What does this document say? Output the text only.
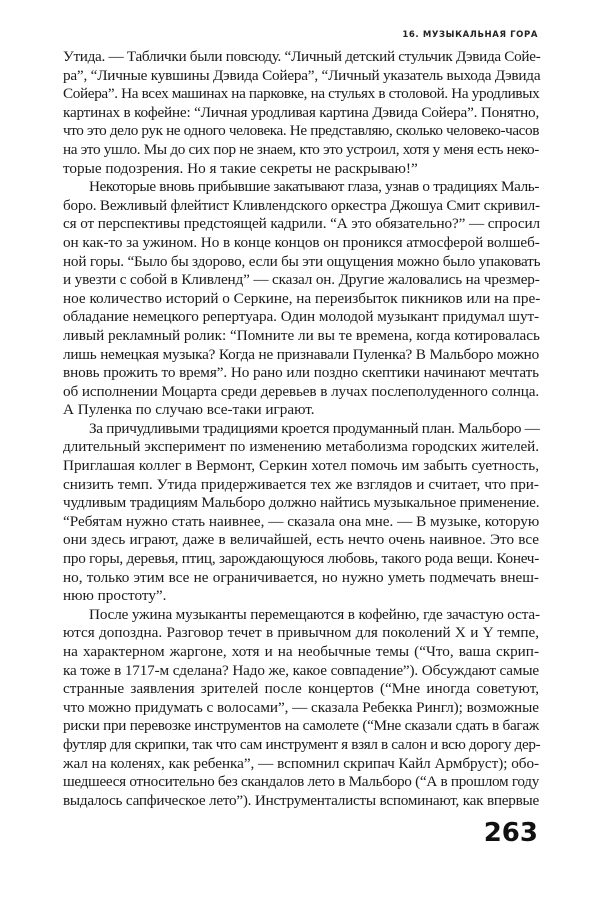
16. МУЗЫКАЛЬНАЯ ГОРА
Утида. — Таблички были повсюду. “Личный детский стульчик Дэвида Сойе-
ра”, “Личные кувшины Дэвида Сойера”, “Личный указатель выхода Дэвида
Сойера”. На всех машинах на парковке, на стульях в столовой. На уродливых
картинах в кофейне: “Личная уродливая картина Дэвида Сойера”. Понятно,
что это дело рук не одного человека. Не представляю, сколько человеко-часов
на это ушло. Мы до сих пор не знаем, кто это устроил, хотя у меня есть неко-
торые подозрения. Но я такие секреты не раскрываю!”
Некоторые вновь прибывшие закатывают глаза, узнав о традициях Маль-
боро. Вежливый флейтист Кливлендского оркестра Джошуа Смит скривил-
ся от перспективы предстоящей кадрили. “А это обязательно?” — спросил
он как-то за ужином. Но в конце концов он проникся атмосферой волшеб-
ной горы. “Было бы здорово, если бы эти ощущения можно было упаковать
и увезти с собой в Кливленд” — сказал он. Другие жаловались на чрезмер-
ное количество историй о Серкине, на переизбыток пикников или на пре-
обладание немецкого репертуара. Один молодой музыкант придумал шут-
ливый рекламный ролик: “Помните ли вы те времена, когда котировалась
лишь немецкая музыка? Когда не признавали Пуленка? В Мальборо можно
вновь прожить то время”. Но рано или поздно скептики начинают мечтать
об исполнении Моцарта среди деревьев в лучах послеполуденного солнца.
А Пуленка по случаю все-таки играют.
За причудливыми традициями кроется продуманный план. Мальборо —
длительный эксперимент по изменению метаболизма городских жителей.
Приглашая коллег в Вермонт, Серкин хотел помочь им забыть суетность,
снизить темп. Утида придерживается тех же взглядов и считает, что при-
чудливым традициям Мальборо должно найтись музыкальное применение.
“Ребятам нужно стать наивнее, — сказала она мне. — В музыке, которую
они здесь играют, даже в величайшей, есть нечто очень наивное. Это все
про горы, деревья, птиц, зарождающуюся любовь, такого рода вещи. Конеч-
но, только этим все не ограничивается, но нужно уметь подмечать внеш-
нюю простоту”.
После ужина музыканты перемещаются в кофейню, где зачастую оста-
ются допоздна. Разговор течет в привычном для поколений X и Y темпе,
на характерном жаргоне, хотя и на необычные темы (“Что, ваша скрип-
ка тоже в 1717-м сделана? Надо же, какое совпадение”). Обсуждают самые
странные заявления зрителей после концертов (“Мне иногда советуют,
что можно придумать с волосами”, — сказала Ребекка Рингл); возможные
риски при перевозке инструментов на самолете (“Мне сказали сдать в багаж
футляр для скрипки, так что сам инструмент я взял в салон и всю дорогу дер-
жал на коленях, как ребенка”, — вспомнил скрипач Кайл Армбруст); обо-
шедшееся относительно без скандалов лето в Мальборо (“А в прошлом году
выдалось сапфическое лето”). Инструменталисты вспоминают, как впервые
263
